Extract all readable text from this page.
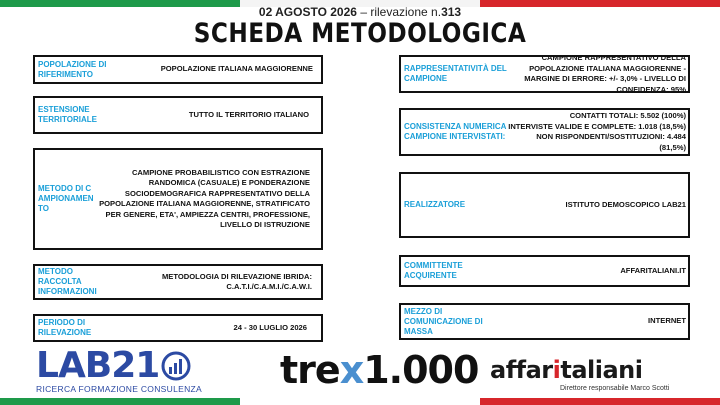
02 AGOSTO 2026 – rilevazione n.313
SCHEDA METODOLOGICA
POPOLAZIONE DI RIFERIMENTO
POPOLAZIONE ITALIANA MAGGIORENNE
ESTENSIONE TERRITORIALE
TUTTO IL TERRITORIO ITALIANO
METODO DI CAMPIONAMENTO
CAMPIONE PROBABILISTICO CON ESTRAZIONE RANDOMICA (CASUALE) E PONDERAZIONE SOCIODEMOGRAFICA RAPPRESENTATIVO DELLA POPOLAZIONE ITALIANA MAGGIORENNE, STRATIFICATO PER GENERE, ETA', AMPIEZZA CENTRI, PROFESSIONE, LIVELLO DI ISTRUZIONE
METODO RACCOLTA INFORMAZIONI
METODOLOGIA DI RILEVAZIONE IBRIDA:
C.A.T.I./C.A.M.I./C.A.W.I.
PERIODO DI RILEVAZIONE
24 - 30 LUGLIO 2026
RAPPRESENTATIVITÀ DEL CAMPIONE
CAMPIONE RAPPRESENTATIVO DELLA POPOLAZIONE ITALIANA MAGGIORENNE - MARGINE DI ERRORE: +/- 3,0% - LIVELLO DI CONFIDENZA: 95%
CONSISTENZA NUMERICA CAMPIONE INTERVISTATI:
CONTATTI TOTALI: 5.502 (100%)
INTERVISTE VALIDE E COMPLETE: 1.018 (18,5%)
NON RISPONDENTI/SOSTITUZIONI: 4.484 (81,5%)
REALIZZATORE	ISTITUTO DEMOSCOPICO LAB21
COMMITTENTE ACQUIRENTE
AFFARITALIANI.IT
MEZZO DI COMUNICAZIONE DI MASSA
INTERNET
LAB21
RICERCA FORMAZIONE CONSULENZA trex1.000 affaritaliani
Direttore responsabile Marco Scotti
